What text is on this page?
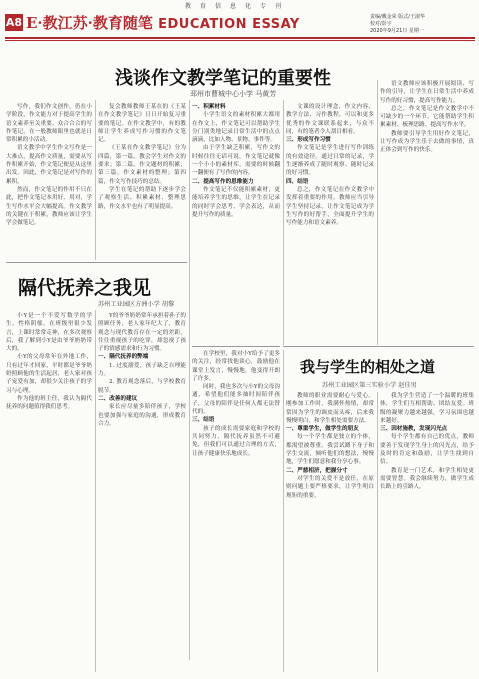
教育信息化专刊
A8 E·教江苏·教育随笔 EDUCATION ESSAY	责编/戴金荣 版式/王淑华
校对/彭宇
2020年9月21日 星期一
浅谈作文教学笔记的重要性
邳州市曹城中心小学 马黄芳

写作，我们作文创作，仍在小学阶段，作文能力对于提高学生的语文素养至关重要。众合合合的写作笔记，在一般教师眼里也就是日常积累的小活动。

语文教学中学生作文写作是一大难点，提高作文质量，需要从写作积累开始，作文笔记便是从这里出发。因此，作文笔记是对写作的累积。

然而，作文笔记的作用不只在此，把作文笔记本用好、用对，学生写作水平会大幅提高。作文教学的关键在于积累，教师应该让学生学会做笔记。

复会教师教师王某在的《王某在作文教学笔记》日日开始复习重要的笔记。在作文教学中，有的教师让学生养成写作习惯的作文笔记。

《王某在作文教学笔记》分为四篇，第一篇，教会学生对作文的要求；第二篇，作文题材的积累；第三篇，作文素材的整理；第四篇，作文写作技巧的总结。

学生在笔记的帮助下逐步学会了观察生活、积累素材、整理思路，作文水平也有了明显提高。

一、积累材料

小学生语文的素材积累大都用在作文上，作文笔记可以帮助学生分门别类地记录日常生活中的点点滴滴，比如人物、景物、事件等。

由于学生缺乏积累，写作文的时候往往无话可说，作文笔记就像一个小小的素材库，需要的时候翻一翻便有了写作的内容。

二、提高写作的思维能力

作文笔记不仅能积累素材，更能培养学生的思维，让学生在记录的同时学会思考、学会表达，从而提升写作的质量。

文课的设计理念，作文内容、教学方法、习作教程，可以和更多优秀的作文课联系起来，与众不同，有的笔者令人刮目相看。

三、形成写作习惯

作文笔记是学生进行写作训练的有效途径。通过日常的记录，学生逐渐养成了随时观察、随时记录的好习惯。

四、结语

总之，作文笔记在作文教学中发挥着重要的作用。教师应当引导学生坚持记录，让作文笔记成为学生写作的好帮手，全面提升学生的写作能力和语文素养。

语文教师应该积极开展阅读、写作的引导，让学生在日常生活中养成写作的好习惯，提高写作能力。

总之，作文笔记是作文教学中不可缺少的一个环节，它能帮助学生积累素材、梳理思路、提高写作水平。

教师要引导学生用好作文笔记，让写作成为学生乐于去做的事情，真正体会到写作的快乐。

隔代抚养之我见
苏州工业园区方洲小学 胡黎

小Y是一个不爱写数学的学生，性格阴郁，在班级里很少发言，上课时常常走神，在多次观察后，我了解到小Y是由爷爷奶奶带大的。

小Y的父母常年在外地工作，只有过年才回家，平时都是爷爷奶奶照顾他的生活起居，老人家对孩子宠爱有加，却很少关注孩子的学习与心理。

作为他的班主任，我认为隔代抚养的问题值得我们思考。

Y的爷爷奶奶常年承担着孙子的照顾任务，老人家年纪大了，教育观念与现代教育存在一定的差距，往往重视孩子的吃穿，却忽视了孩子的情感需求和行为习惯。

一、隔代抚养的弊端

1. 过度溺爱，孩子缺乏自理能力。

2. 教育观念落后，与学校教育脱节。

二、改善的建议

家长应尽量多陪伴孩子，学校也要加强与家庭的沟通，形成教育合力。

在学校里，我对小Y给予了更多的关注，经常找他谈心，鼓励他在课堂上发言，慢慢地，他变得开朗了许多。

同时，我也多次与小Y的父母沟通，希望他们能多抽时间陪伴孩子，父母的陪伴是任何人都无法替代的。

三、结语

孩子的成长需要家庭和学校的共同努力，隔代抚养虽然不可避免，但我们可以通过合理的方式，让孩子健康快乐地成长。

我与学生的相处之道
苏州工业园区第三实验小学 赵佳男

教师的职业需要耐心与爱心。刚参加工作时，我满怀热情，却常常因为学生的调皮而头疼，后来我慢慢明白，和学生相处需要方法。

一、尊重学生，做学生的朋友

每一个学生都是独立的个体，都渴望被尊重。我尝试蹲下身子和学生交流，倾听他们的想法，慢慢地，学生们愿意和我分享心事。

二、严慈相济，把握分寸

对学生的关爱不是放任，在原则问题上要严格要求，让学生明白规矩的重要。

我为学生营造了一个温暖的班集体，学生们互相帮助、团结友爱。班级的凝聚力越来越强，学习氛围也越来越好。

三、因材施教，发现闪光点

每个学生都有自己的优点，教师要善于发现学生身上的闪光点，给予及时的肯定和鼓励，让学生找到自信。

教育是一门艺术，和学生相处更需要智慧。我会继续努力，做学生成长路上的引路人。
